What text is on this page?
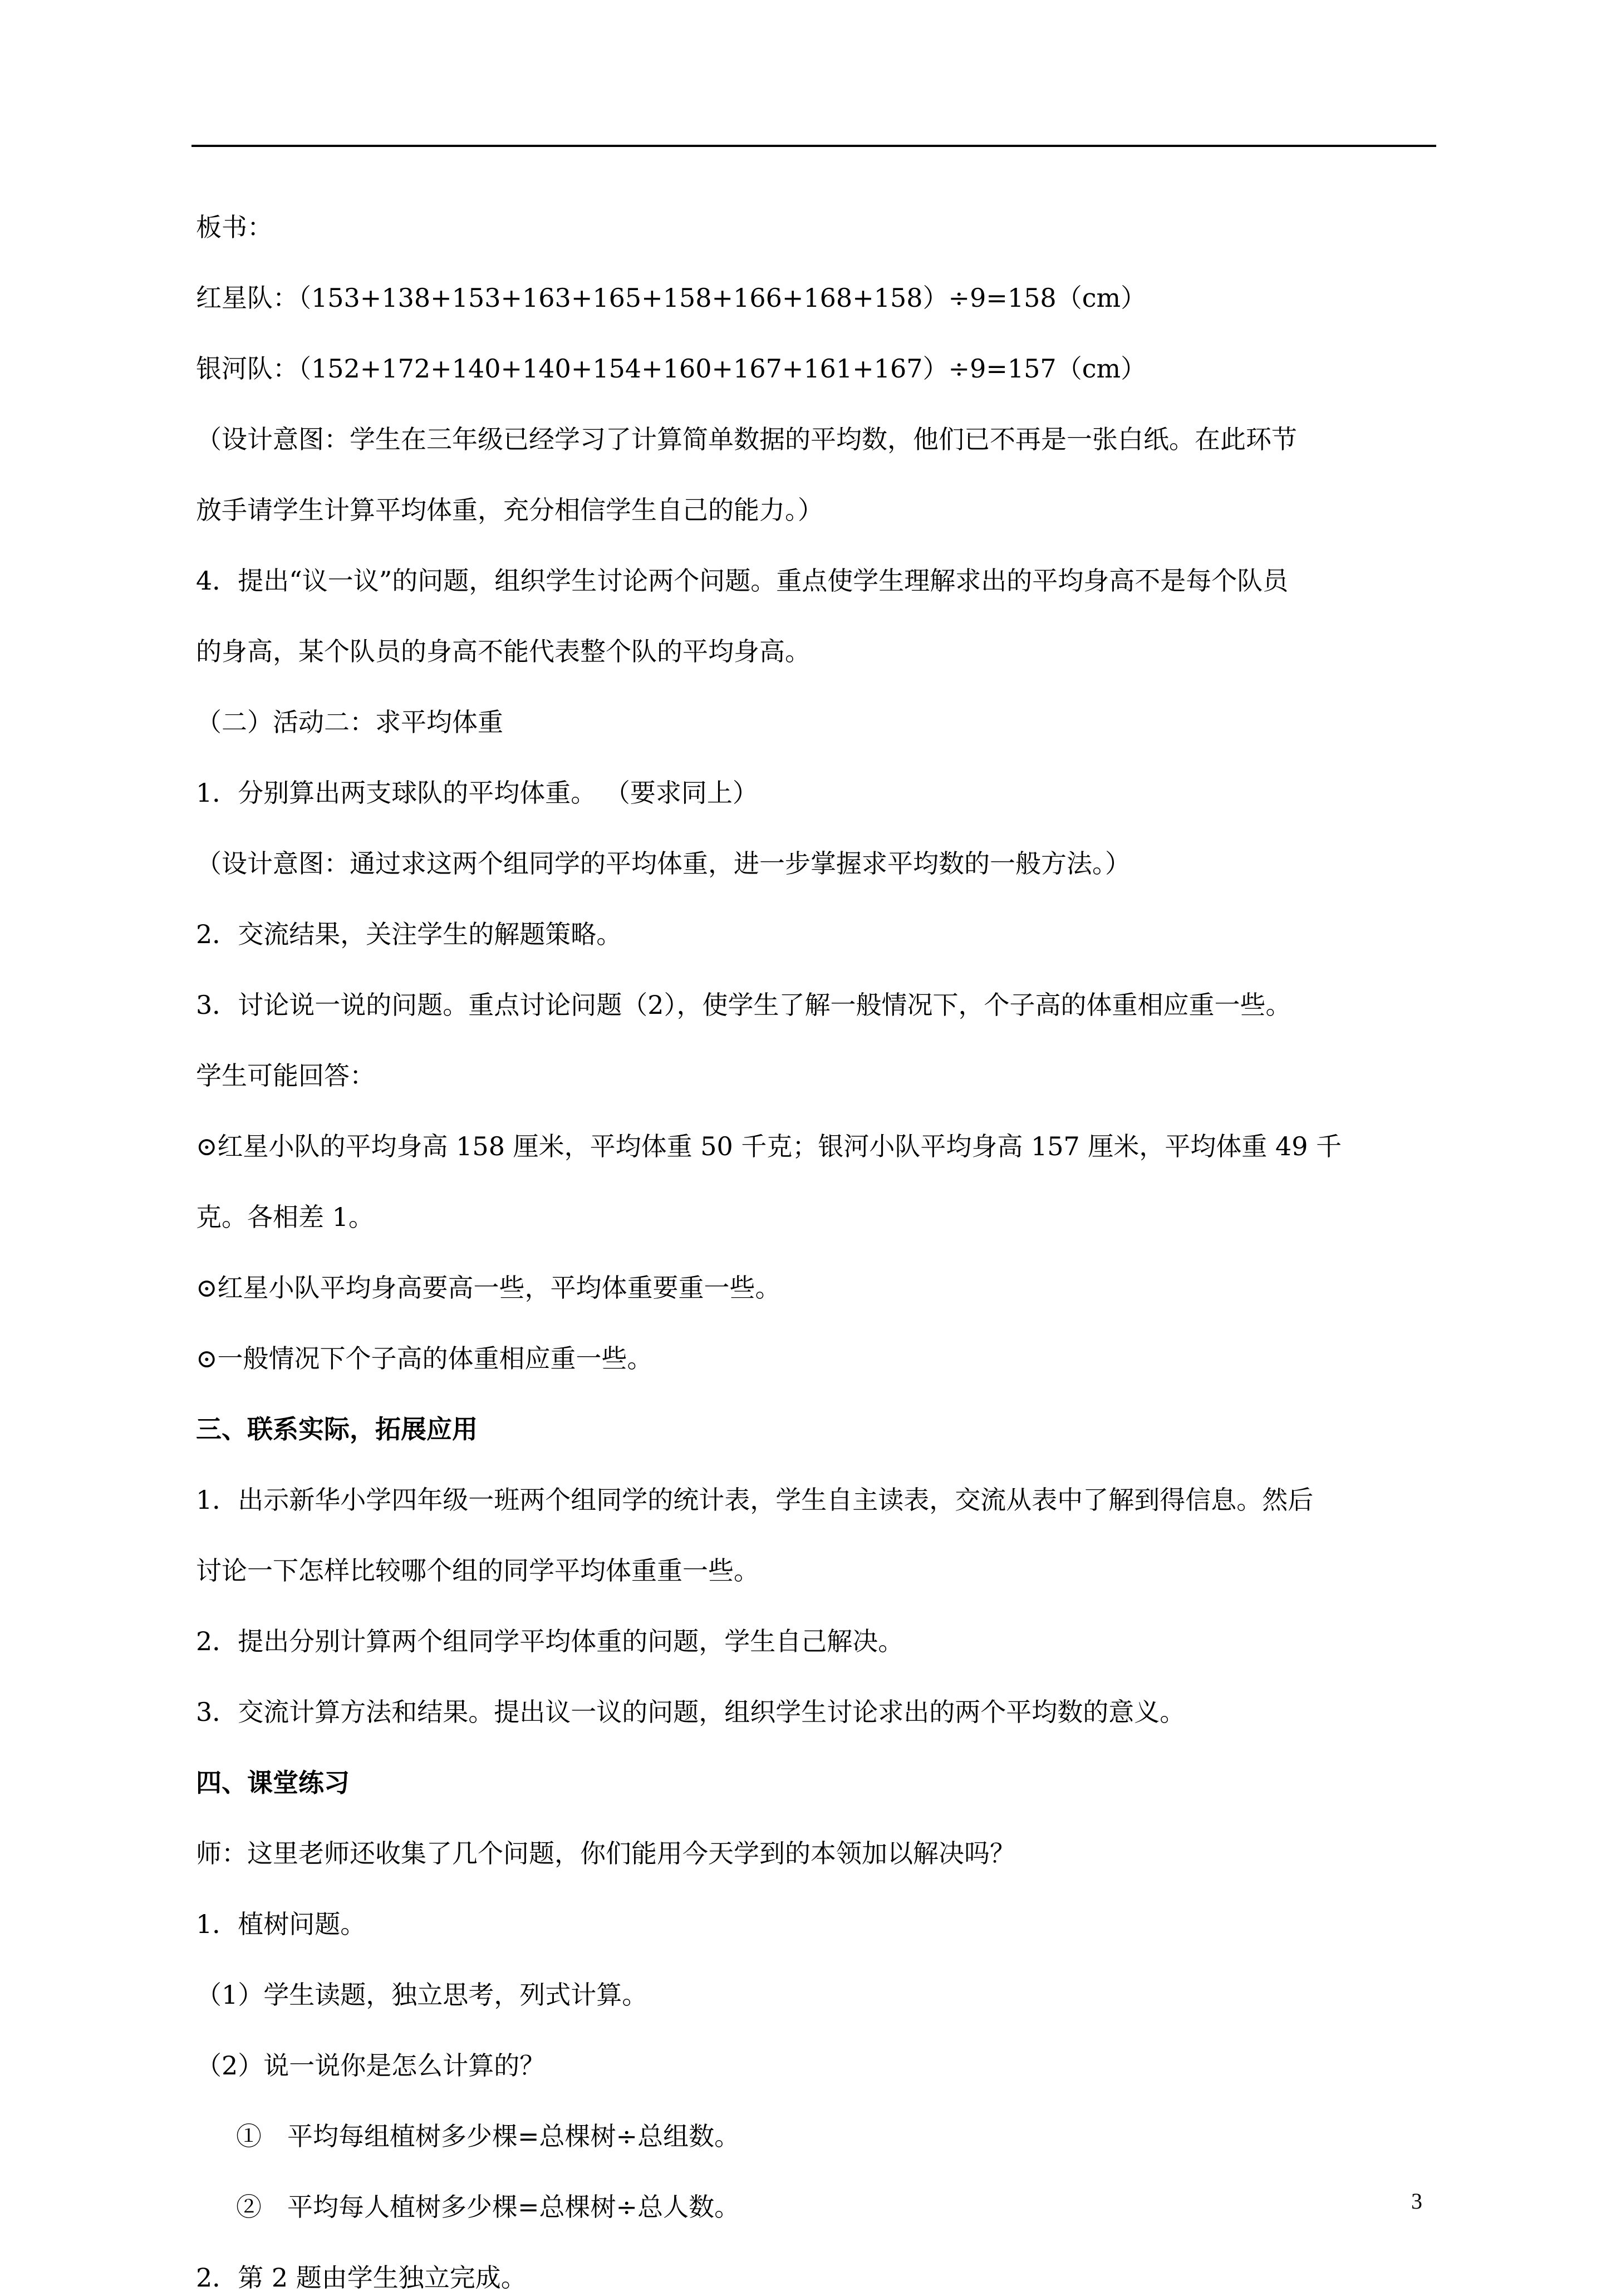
板书：
红星队：（153+138+153+163+165+158+166+168+158）÷9=158（cm）
银河队：（152+172+140+140+154+160+167+161+167）÷9=157（cm）
（设计意图：学生在三年级已经学习了计算简单数据的平均数，他们已不再是一张白纸。在此环节
放手请学生计算平均体重，充分相信学生自己的能力。）
4．提出“议一议”的问题，组织学生讨论两个问题。重点使学生理解求出的平均身高不是每个队员
的身高，某个队员的身高不能代表整个队的平均身高。
（二）活动二：求平均体重
1．分别算出两支球队的平均体重。 （要求同上）
（设计意图：通过求这两个组同学的平均体重，进一步掌握求平均数的一般方法。）
2．交流结果，关注学生的解题策略。
3．讨论说一说的问题。重点讨论问题（2），使学生了解一般情况下，个子高的体重相应重一些。
学生可能回答：
⊙红星小队的平均身高 158 厘米，平均体重 50 千克；银河小队平均身高 157 厘米，平均体重 49 千
克。各相差 1。
⊙红星小队平均身高要高一些，平均体重要重一些。
⊙一般情况下个子高的体重相应重一些。
三、联系实际，拓展应用
1．出示新华小学四年级一班两个组同学的统计表，学生自主读表，交流从表中了解到得信息。然后
讨论一下怎样比较哪个组的同学平均体重重一些。
2．提出分别计算两个组同学平均体重的问题，学生自己解决。
3．交流计算方法和结果。提出议一议的问题，组织学生讨论求出的两个平均数的意义。
四、课堂练习
师：这里老师还收集了几个问题，你们能用今天学到的本领加以解决吗？
1．植树问题。
（1）学生读题，独立思考，列式计算。
（2）说一说你是怎么计算的？
①　平均每组植树多少棵=总棵树÷总组数。
②　平均每人植树多少棵=总棵树÷总人数。
2．第 2 题由学生独立完成。
3
